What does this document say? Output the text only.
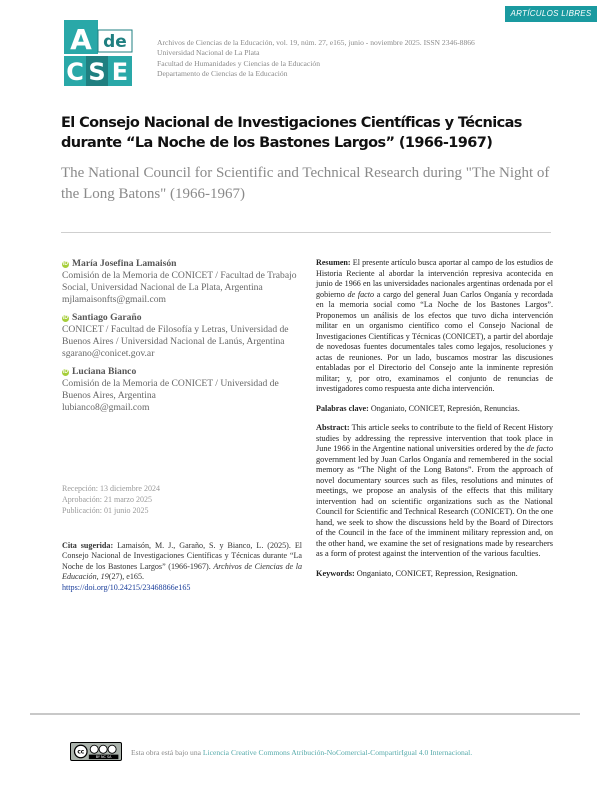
ARTÍCULOS LIBRES
A de
C S E
Archivos de Ciencias de la Educación, vol. 19, núm. 27, e165, junio - noviembre 2025. ISSN 2346-8866
Universidad Nacional de La Plata
Facultad de Humanidades y Ciencias de la Educación
Departamento de Ciencias de la Educación
El Consejo Nacional de Investigaciones Científicas y Técnicas durante “La Noche de los Bastones Largos” (1966-1967)
The National Council for Scientific and Technical Research during "The Night of the Long Batons" (1966-1967)
iD María Josefina Lamaisón
Comisión de la Memoria de CONICET / Facultad de Trabajo Social, Universidad Nacional de La Plata, Argentina
mjlamaisonfts@gmail.com
iD Santiago Garaño
CONICET / Facultad de Filosofía y Letras, Universidad de Buenos Aires / Universidad Nacional de Lanús, Argentina
sgarano@conicet.gov.ar
iD Luciana Bianco
Comisión de la Memoria de CONICET / Universidad de Buenos Aires, Argentina
lubianco8@gmail.com
Recepción: 13 diciembre 2024
Aprobación: 21 marzo 2025
Publicación: 01 junio 2025
Cita sugerida: Lamaisón, M. J., Garaño, S. y Bianco, L. (2025). El Consejo Nacional de Investigaciones Científicas y Técnicas durante “La Noche de los Bastones Largos” (1966-1967). Archivos de Ciencias de la Educación, 19(27), e165.
https://doi.org/10.24215/23468866e165

Resumen: El presente artículo busca aportar al campo de los estudios de Historia Reciente al abordar la intervención represiva acontecida en junio de 1966 en las universidades nacionales argentinas ordenada por el gobierno de facto a cargo del general Juan Carlos Onganía y recordada en la memoria social como “La Noche de los Bastones Largos”. Proponemos un análisis de los efectos que tuvo dicha intervención militar en un organismo científico como el Consejo Nacional de Investigaciones Científicas y Técnicas (CONICET), a partir del abordaje de novedosas fuentes documentales tales como legajos, resoluciones y actas de reuniones. Por un lado, buscamos mostrar las discusiones entabladas por el Directorio del Consejo ante la inminente represión militar; y, por otro, examinamos el conjunto de renuncias de investigadores como respuesta ante dicha intervención.

Palabras clave: Onganiato, CONICET, Represión, Renuncias.

Abstract: This article seeks to contribute to the field of Recent History studies by addressing the repressive intervention that took place in June 1966 in the Argentine national universities ordered by the de facto government led by Juan Carlos Onganía and remembered in the social memory as “The Night of the Long Batons”. From the approach of novel documentary sources such as files, resolutions and minutes of meetings, we propose an analysis of the effects that this military intervention had on scientific organizations such as the National Council for Scientific and Technical Research (CONICET). On the one hand, we seek to show the discussions held by the Board of Directors of the Council in the face of the imminent military repression and, on the other hand, we examine the set of resignations made by researchers as a form of protest against the intervention of the various faculties.

Keywords: Onganiato, CONICET, Repression, Resignation.

cc
BY NC SA
Esta obra está bajo una Licencia Creative Commons Atribución-NoComercial-CompartirIgual 4.0 Internacional.
